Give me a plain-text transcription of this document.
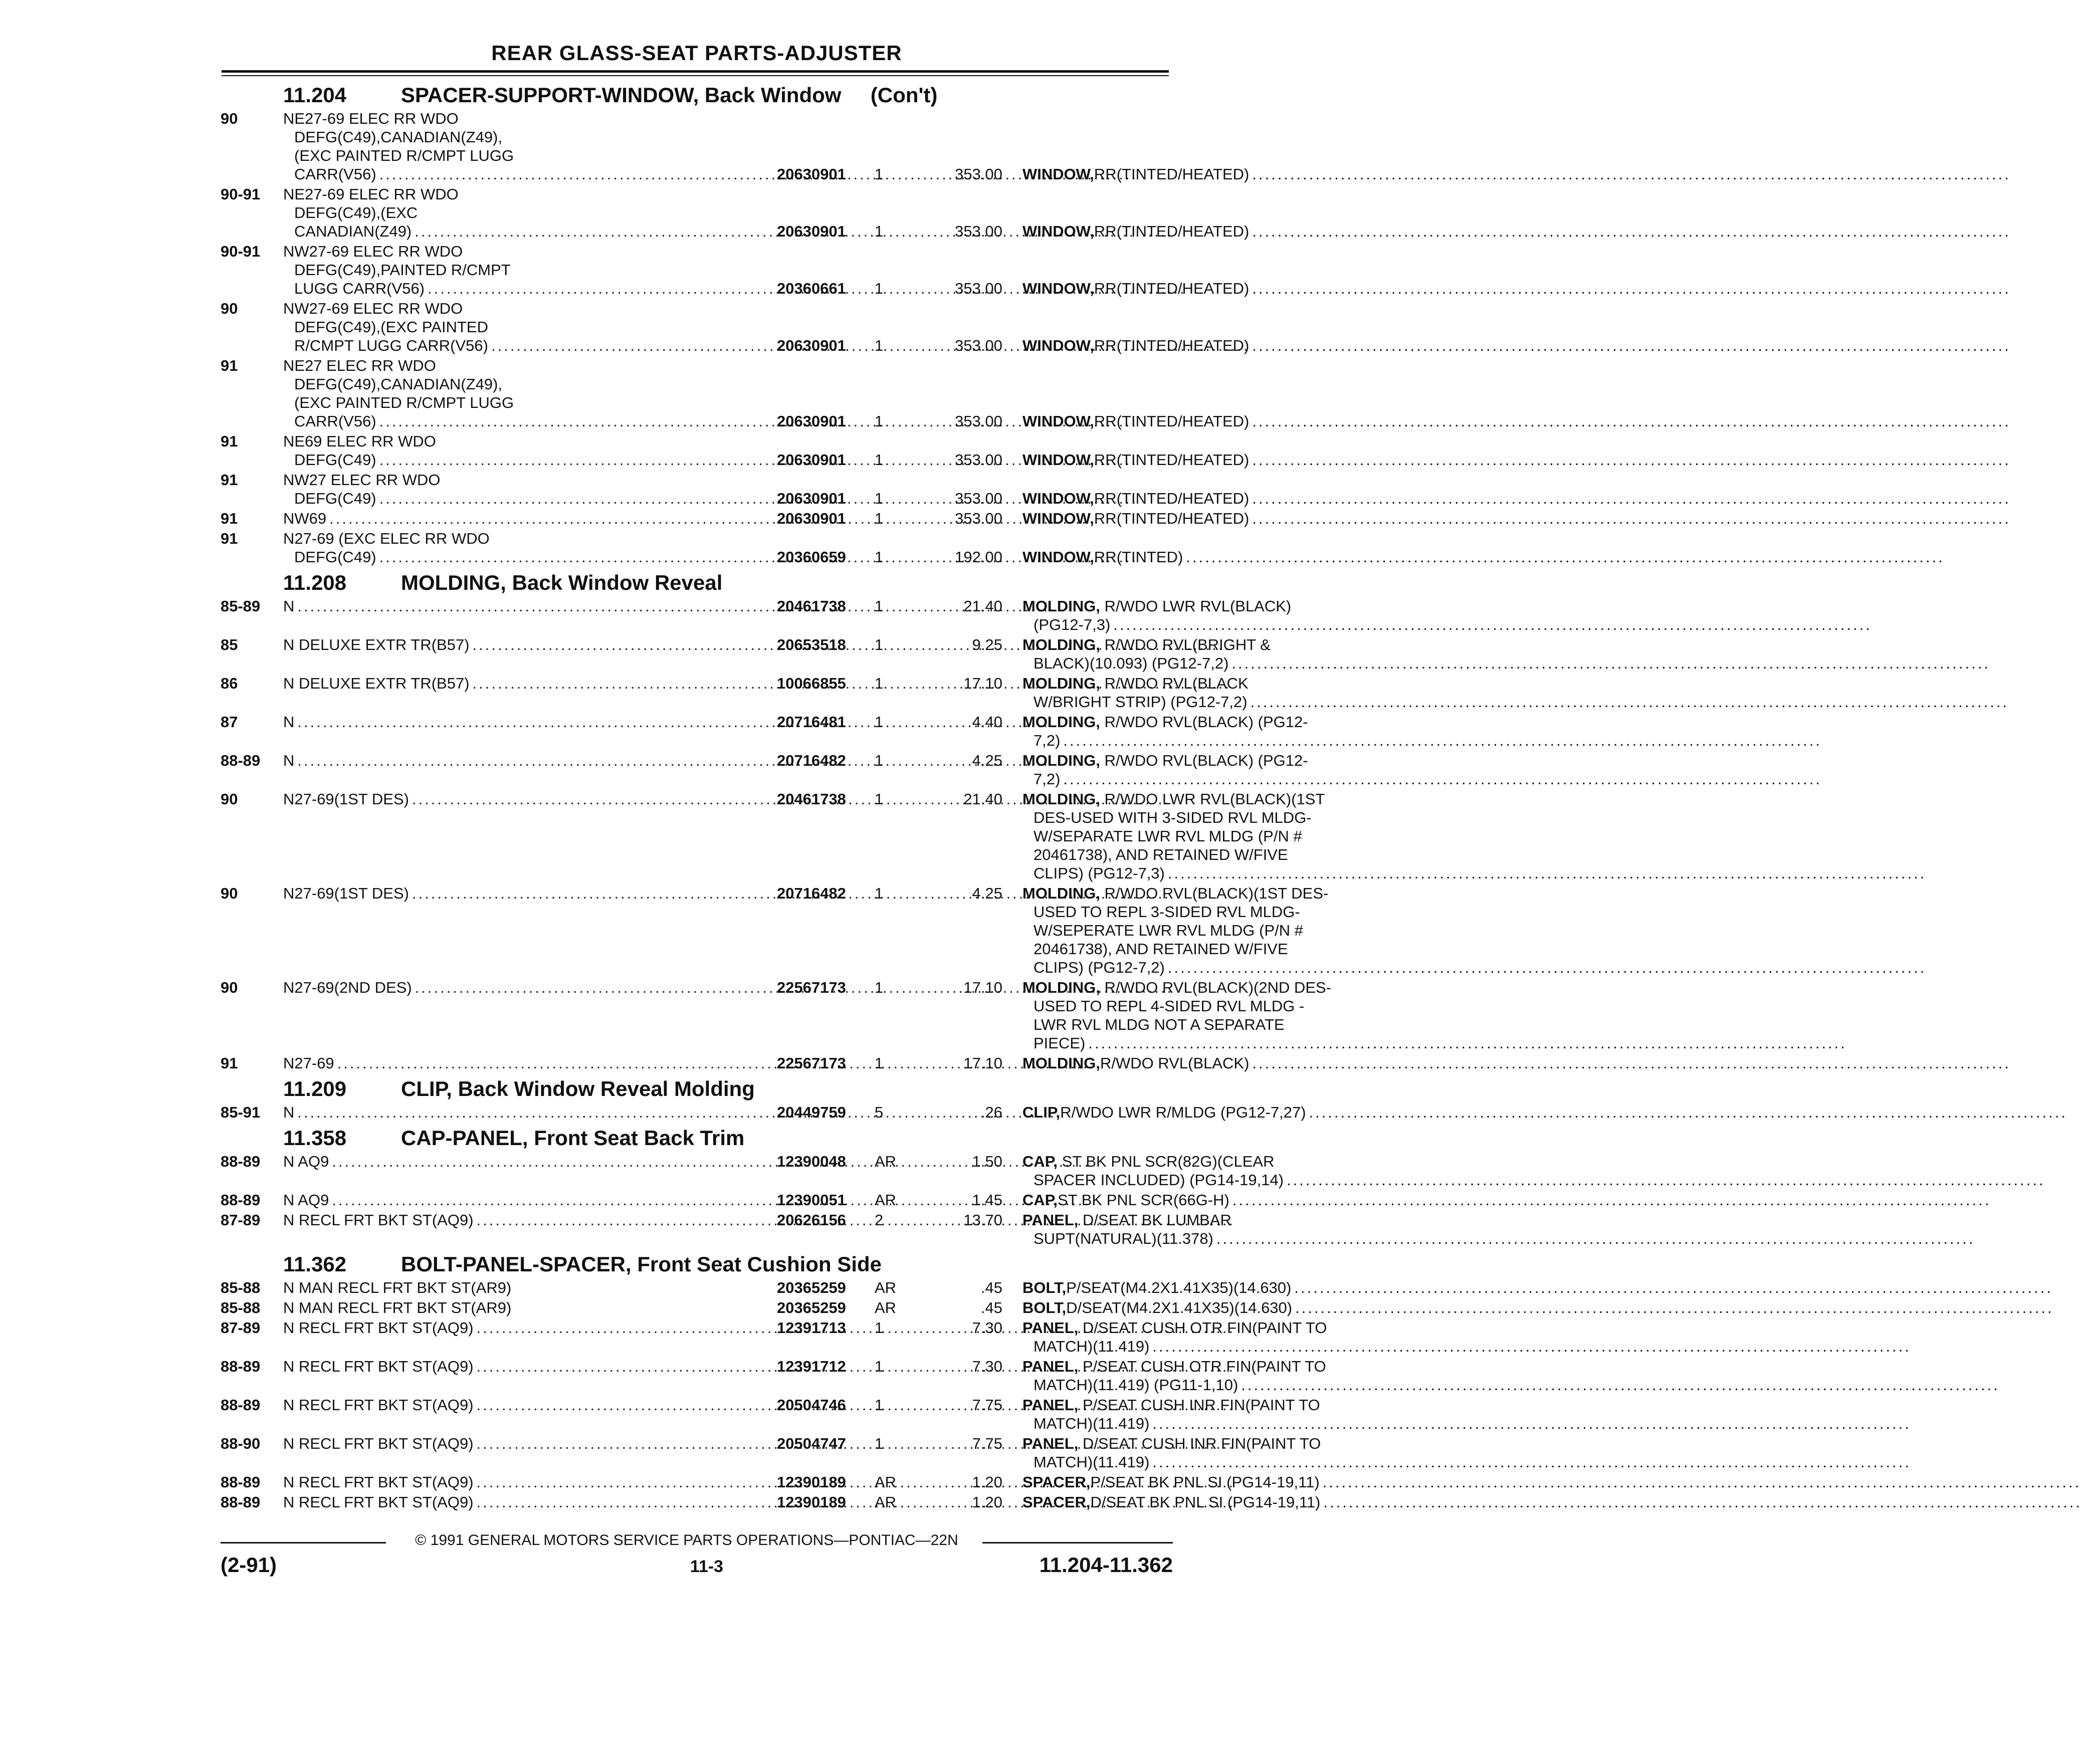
REAR GLASS-SEAT PARTS-ADJUSTER
11.204	SPACER-SUPPORT-WINDOW, Back Window     (Con't)
90	NE27-69 ELEC RR WDO
DEFG(C49),CANADIAN(Z49),
(EXC PAINTED R/CMPT LUGG
CARR(V56) .....	20630901 1	353.00 WINDOW, RR(TINTED/HEATED)
.....
90-91 NE27-69 ELEC RR WDO
DEFG(C49),(EXC
CANADIAN(Z49) .....	20630901 1	353.00 WINDOW, RR(TINTED/HEATED)
.....
90-91 NW27-69 ELEC RR WDO
DEFG(C49),PAINTED R/CMPT
LUGG CARR(V56) .....	20360661 1	353.00 WINDOW, RR(TINTED/HEATED)
.....
90	NW27-69 ELEC RR WDO
DEFG(C49),(EXC PAINTED
R/CMPT LUGG CARR(V56) .....	20630901 1	353.00 WINDOW, RR(TINTED/HEATED)
.....
91	NE27 ELEC RR WDO
DEFG(C49),CANADIAN(Z49),
(EXC PAINTED R/CMPT LUGG
CARR(V56) .....	20630901 1	353.00 WINDOW, RR(TINTED/HEATED)
.....
91	NE69 ELEC RR WDO
DEFG(C49) .....	20630901 1	353.00 WINDOW, RR(TINTED/HEATED)
.....
91	NW27 ELEC RR WDO
DEFG(C49) .....	20630901 1	353.00 WINDOW, RR(TINTED/HEATED)
.....
91	NW69 .....	20630901 1	353.00 WINDOW, RR(TINTED/HEATED)
.....
91	N27-69 (EXC ELEC RR WDO
DEFG(C49) .....	20360659 1	192.00 WINDOW, RR(TINTED)
.....
11.208	MOLDING, Back Window Reveal
85-89 N .....	20461738 1	21.40 MOLDING, R/WDO LWR RVL(BLACK)
(PG12-7,3)
.....
85	N DELUXE EXTR TR(B57) .....	20653518 1	9.25 MOLDING, R/WDO RVL(BRIGHT &
BLACK)(10.093) (PG12-7,2)
.....
86	N DELUXE EXTR TR(B57) .....	10066855 1	17.10 MOLDING, R/WDO RVL(BLACK
W/BRIGHT STRIP) (PG12-7,2)
.....
87	N .....	20716481 1	4.40 MOLDING, R/WDO RVL(BLACK) (PG12-
7,2)
.....
88-89 N .....	20716482 1	4.25 MOLDING, R/WDO RVL(BLACK) (PG12-
7,2)
.....
90	N27-69(1ST DES) .....	20461738 1	21.40 MOLDING, R/WDO LWR RVL(BLACK)(1ST
DES-USED WITH 3-SIDED RVL MLDG-
W/SEPARATE LWR RVL MLDG (P/N #
20461738), AND RETAINED W/FIVE
CLIPS) (PG12-7,3)
.....
90	N27-69(1ST DES) .....	20716482 1	4.25 MOLDING, R/WDO RVL(BLACK)(1ST DES-
USED TO REPL 3-SIDED RVL MLDG-
W/SEPERATE LWR RVL MLDG (P/N #
20461738), AND RETAINED W/FIVE
CLIPS) (PG12-7,2)
.....
90	N27-69(2ND DES) .....	22567173 1	17.10 MOLDING, R/WDO RVL(BLACK)(2ND DES-
USED TO REPL 4-SIDED RVL MLDG -
LWR RVL MLDG NOT A SEPARATE
PIECE)
.....
91	N27-69 .....	22567173 1	17.10 MOLDING, R/WDO RVL(BLACK)
.....
11.209	CLIP, Back Window Reveal Molding
85-91 N .....	20449759 5	.26 CLIP, R/WDO LWR R/MLDG (PG12-7,27)
.....
11.358	CAP-PANEL, Front Seat Back Trim
88-89 N AQ9 .....	12390048 AR	1.50 CAP, ST BK PNL SCR(82G)(CLEAR
SPACER INCLUDED) (PG14-19,14)
.....
88-89 N AQ9 .....	12390051 AR	1.45 CAP, ST BK PNL SCR(66G-H)
.....
87-89 N RECL FRT BKT ST(AQ9) .....	20626156 2	13.70 PANEL, D/SEAT BK LUMBAR
SUPT(NATURAL)(11.378)
.....
11.362	BOLT-PANEL-SPACER, Front Seat Cushion Side
85-88 N MAN RECL FRT BKT ST(AR9)	20365259 AR	.45 BOLT, P/SEAT(M4.2X1.41X35)(14.630)
.....
85-88 N MAN RECL FRT BKT ST(AR9)	20365259 AR	.45 BOLT, D/SEAT(M4.2X1.41X35)(14.630)
.....
87-89 N RECL FRT BKT ST(AQ9) .....	12391713 1	7.30 PANEL, D/SEAT CUSH OTR FIN(PAINT TO
MATCH)(11.419)
.....
88-89 N RECL FRT BKT ST(AQ9) .....	12391712 1	7.30 PANEL, P/SEAT CUSH OTR FIN(PAINT TO
MATCH)(11.419) (PG11-1,10)
.....
88-89 N RECL FRT BKT ST(AQ9) .....	20504746 1	7.75 PANEL, P/SEAT CUSH INR FIN(PAINT TO
MATCH)(11.419)
.....
88-90 N RECL FRT BKT ST(AQ9) .....	20504747 1	7.75 PANEL, D/SEAT CUSH INR FIN(PAINT TO
MATCH)(11.419)
.....
88-89 N RECL FRT BKT ST(AQ9) .....	12390189 AR	1.20 SPACER, P/SEAT BK PNL SI (PG14-19,11)
.....
88-89 N RECL FRT BKT ST(AQ9) .....	12390189 AR	1.20 SPACER, D/SEAT BK PNL SI (PG14-19,11)
.....
© 1991 GENERAL MOTORS SERVICE PARTS OPERATIONS—PONTIAC—22N
(2-91)	11-3	11.204-11.362
